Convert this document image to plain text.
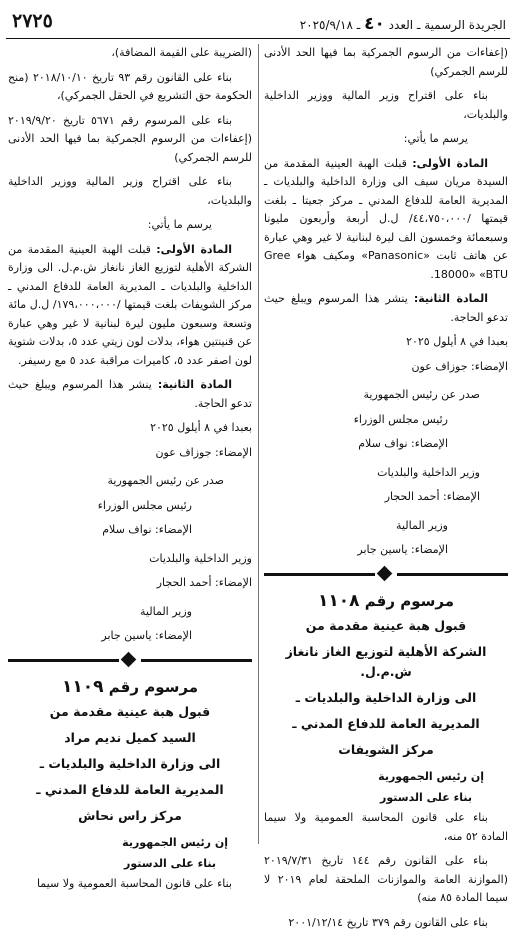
الجريدة الرسمية ـ العدد ٤٠ ـ ٢٠٢٥/٩/١٨
٢٧٢٥

(إعفاءات من الرسوم الجمركية بما فيها الحد الأدنى للرسم الجمركي)

بناء على اقتراح وزير المالية ووزير الداخلية والبلديات،

يرسم ما يأتي:

المادة الأولى: قبلت الهبة العينية المقدمة من السيدة مريان سيف الى وزارة الداخلية والبلديات ـ المديرية العامة للدفاع المدني ـ مركز جعيتا ـ بلغت قيمتها /٤٤،٧٥٠،٠٠٠/ ل.ل أربعة وأربعون مليونا وسبعمائة وخمسون الف ليرة لبنانية لا غير وهي عبارة عن هاتف ثابت «Panasonic» ومكيف هواء Gree 18000» «BTU.

المادة الثانية: ينشر هذا المرسوم ويبلغ حيث تدعو الحاجة.

بعبدا في ٨ أيلول ٢٠٢٥

الإمضاء: جوزاف عون

صدر عن رئيس الجمهورية

رئيس مجلس الوزراء

الإمضاء: نواف سلام

وزير الداخلية والبلديات

الإمضاء: أحمد الحجار

وزير المالية

الإمضاء: ياسين جابر

مرسوم رقم ١١٠٨

قبول هبة عينية مقدمة من

الشركة الأهلية لتوزيع الغاز نانغاز ش.م.ل.

الى وزارة الداخلية والبلديات ـ

المديرية العامة للدفاع المدني ـ

مركز الشويفات

إن رئيس الجمهورية

بناء على الدستور

بناء على قانون المحاسبة العمومية ولا سيما المادة ٥٢ منه،

بناء على القانون رقم ١٤٤ تاريخ ٢٠١٩/٧/٣١ (الموازنة العامة والموازنات الملحقة لعام ٢٠١٩ لا سيما المادة ٨٥ منه)

بناء على القانون رقم ٣٧٩ تاريخ ٢٠٠١/١٢/١٤

(الضريبة على القيمة المضافة)،

بناء على القانون رقم ٩٣ تاريخ ٢٠١٨/١٠/١٠ (منح الحكومة حق التشريع في الحقل الجمركي)،

بناء على المرسوم رقم ٥٦٧١ تاريخ ٢٠١٩/٩/٢٠ (إعفاءات من الرسوم الجمركية بما فيها الحد الأدنى للرسم الجمركي)

بناء على اقتراح وزير المالية ووزير الداخلية والبلديات،

يرسم ما يأتي:

المادة الأولى: قبلت الهبة العينية المقدمة من الشركة الأهلية لتوزيع الغاز نانغاز ش.م.ل. الى وزارة الداخلية والبلديات ـ المديرية العامة للدفاع المدني ـ مركز الشويفات بلغت قيمتها /١٧٩،٠٠٠،٠٠٠/ ل.ل مائة وتسعة وسبعون مليون ليرة لبنانية لا غير وهي عبارة عن قنينتين هواء، بدلات لون زيتي عدد ٥، بدلات شتوية لون اصفر عدد ٥، كاميرات مراقبة عدد ٥ مع رسيفر.

المادة الثانية: ينشر هذا المرسوم ويبلغ حيث تدعو الحاجة.

بعبدا في ٨ أيلول ٢٠٢٥

الإمضاء: جوزاف عون

صدر عن رئيس الجمهورية

رئيس مجلس الوزراء

الإمضاء: نواف سلام

وزير الداخلية والبلديات

الإمضاء: أحمد الحجار

وزير المالية

الإمضاء: ياسين جابر

مرسوم رقم ١١٠٩

قبول هبة عينية مقدمة من

السيد كميل نديم مراد

الى وزارة الداخلية والبلديات ـ

المديرية العامة للدفاع المدني ـ

مركز راس نحاش

إن رئيس الجمهورية

بناء على الدستور

بناء على قانون المحاسبة العمومية ولا سيما
